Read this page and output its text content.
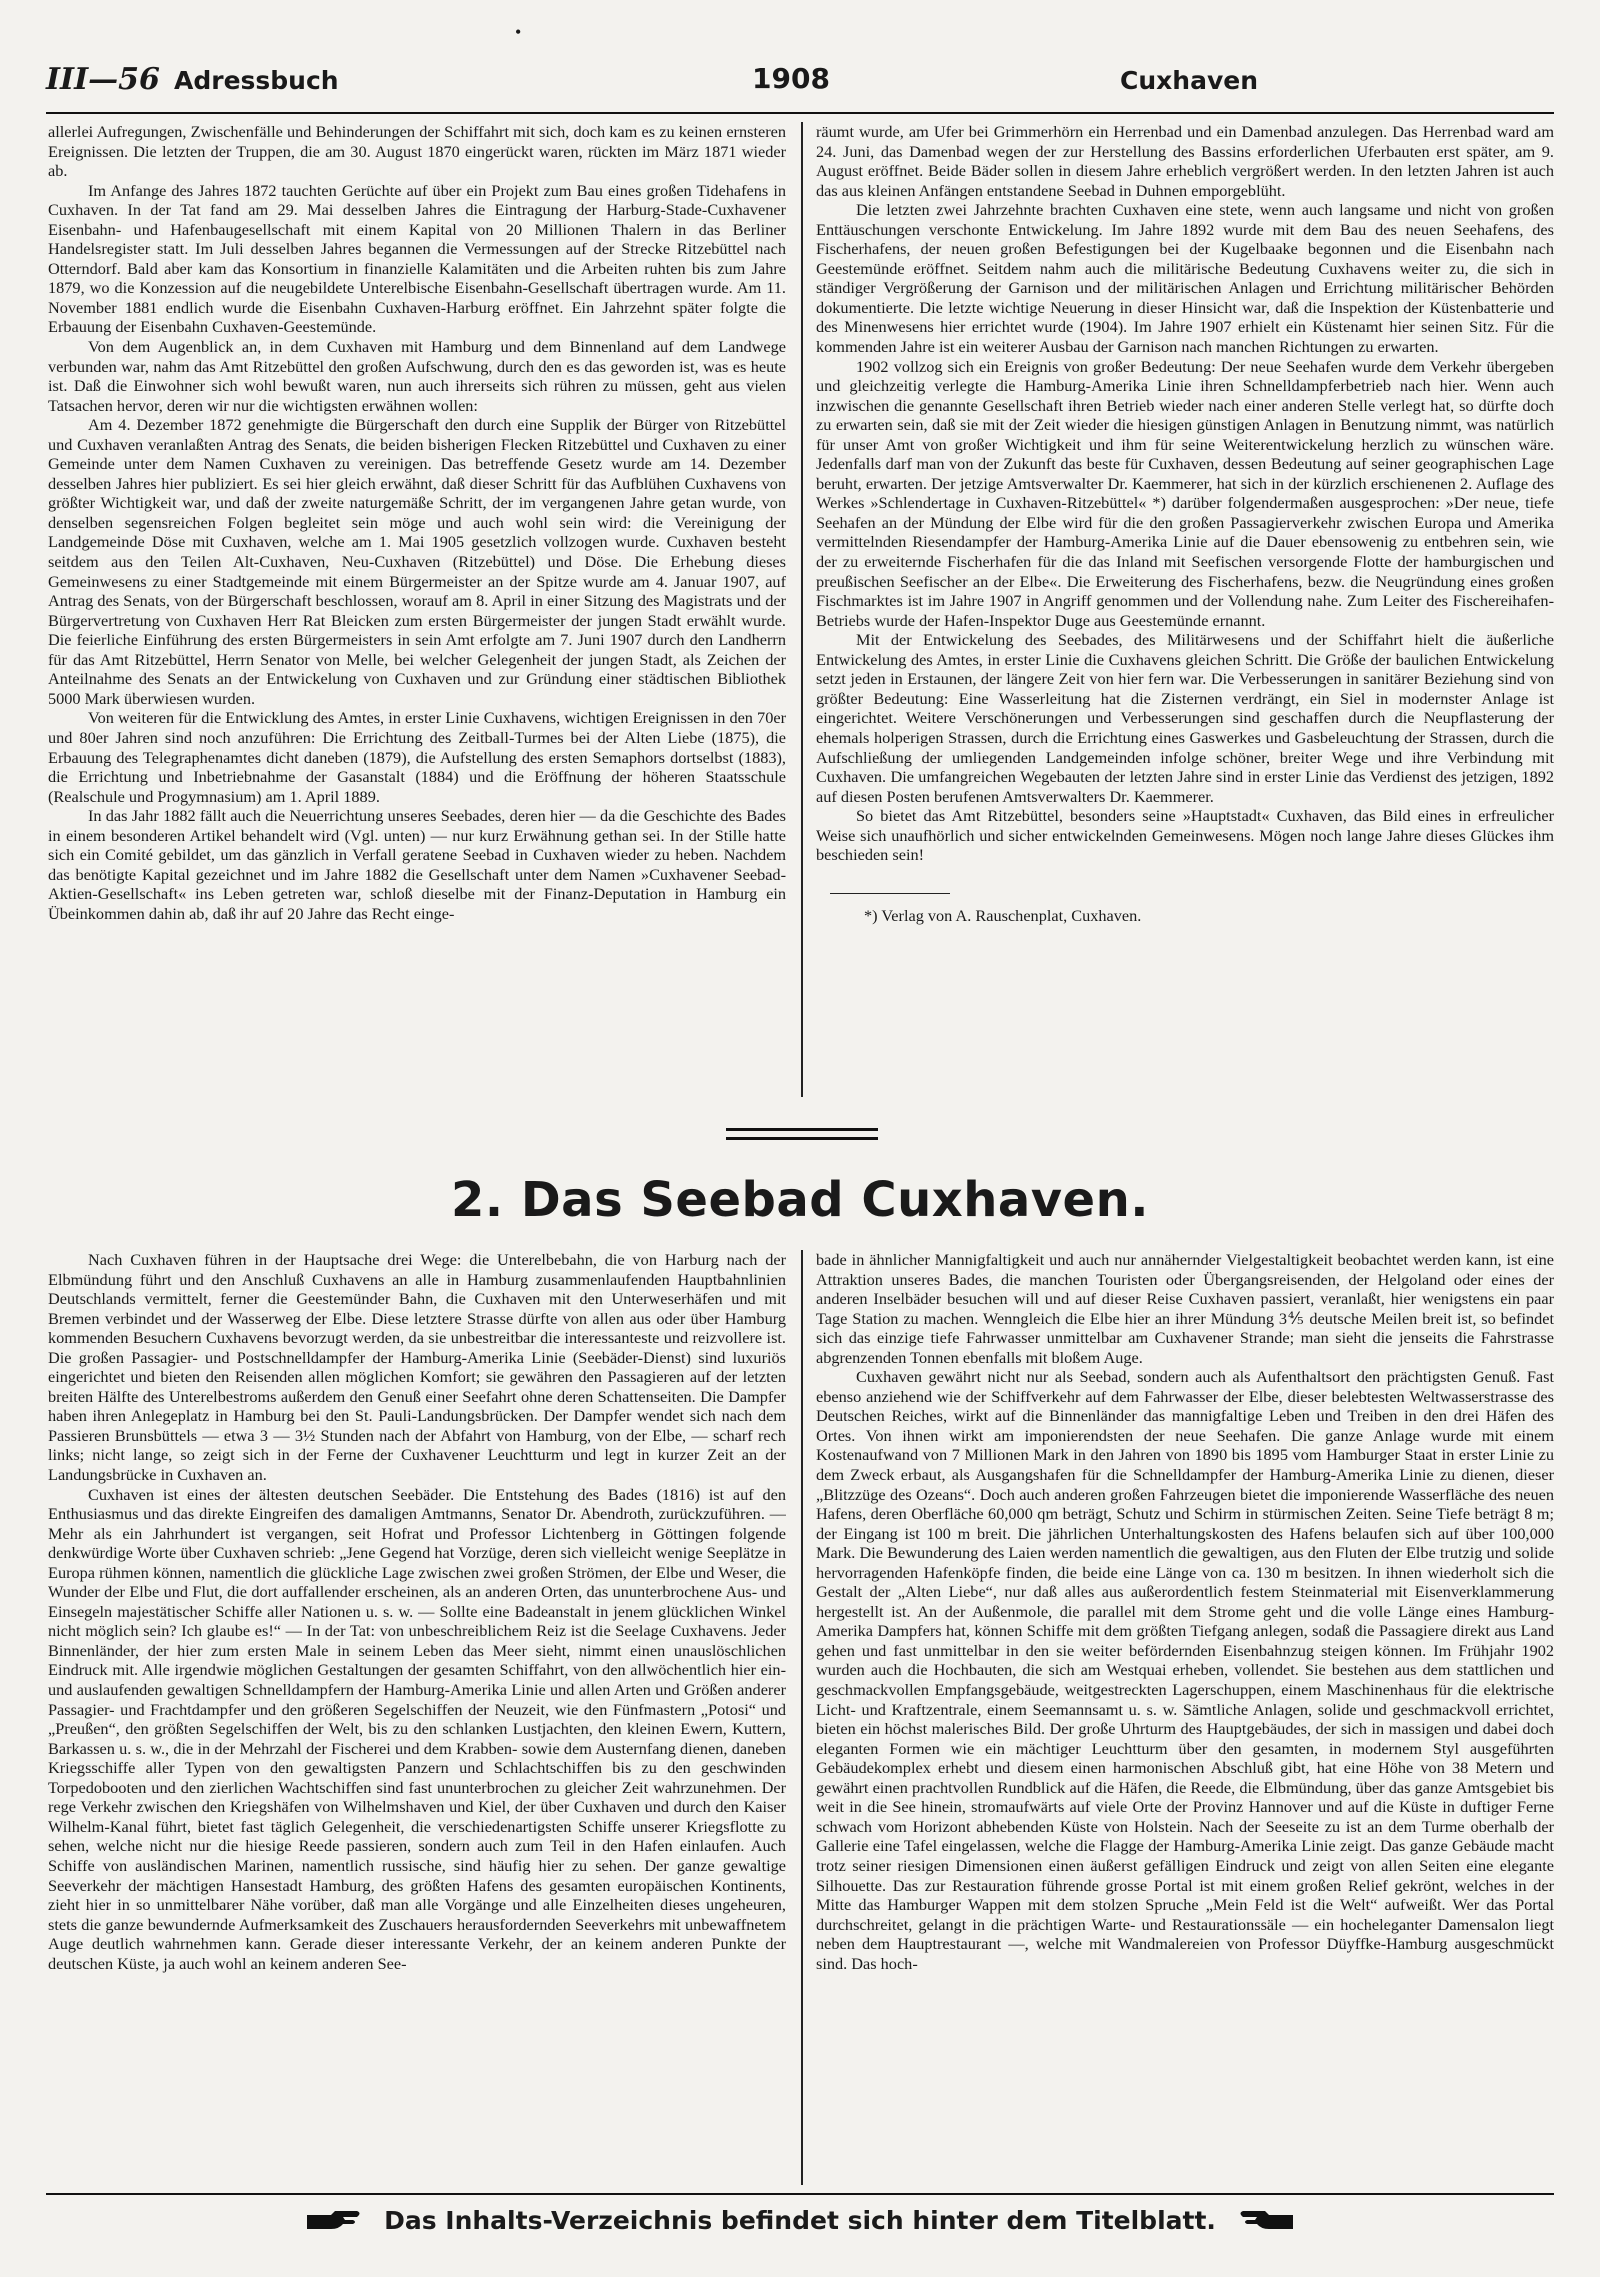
•
III—56 Adressbuch	1908	Cuxhaven

allerlei Aufregungen, Zwischenfälle und Behinderungen der Schiffahrt mit sich, doch kam es zu keinen ernsteren Ereignissen. Die letzten der Truppen, die am 30. August 1870 eingerückt waren, rückten im März 1871 wieder ab.

Im Anfange des Jahres 1872 tauchten Gerüchte auf über ein Projekt zum Bau eines großen Tidehafens in Cuxhaven. In der Tat fand am 29. Mai desselben Jahres die Eintragung der Harburg-Stade-Cuxhavener Eisenbahn- und Hafenbaugesellschaft mit einem Kapital von 20 Millionen Thalern in das Berliner Handelsregister statt. Im Juli desselben Jahres begannen die Vermessungen auf der Strecke Ritzebüttel nach Otterndorf. Bald aber kam das Konsortium in finanzielle Kalamitäten und die Arbeiten ruhten bis zum Jahre 1879, wo die Konzession auf die neugebildete Unterelbische Eisenbahn-Gesellschaft übertragen wurde. Am 11. November 1881 endlich wurde die Eisenbahn Cuxhaven-Harburg eröffnet. Ein Jahrzehnt später folgte die Erbauung der Eisenbahn Cuxhaven-Geestemünde.

Von dem Augenblick an, in dem Cuxhaven mit Hamburg und dem Binnenland auf dem Landwege verbunden war, nahm das Amt Ritzebüttel den großen Aufschwung, durch den es das geworden ist, was es heute ist. Daß die Einwohner sich wohl bewußt waren, nun auch ihrerseits sich rühren zu müssen, geht aus vielen Tatsachen hervor, deren wir nur die wichtigsten erwähnen wollen:

Am 4. Dezember 1872 genehmigte die Bürgerschaft den durch eine Supplik der Bürger von Ritzebüttel und Cuxhaven veranlaßten Antrag des Senats, die beiden bisherigen Flecken Ritzebüttel und Cuxhaven zu einer Gemeinde unter dem Namen Cuxhaven zu vereinigen. Das betreffende Gesetz wurde am 14. Dezember desselben Jahres hier publiziert. Es sei hier gleich erwähnt, daß dieser Schritt für das Aufblühen Cuxhavens von größter Wichtigkeit war, und daß der zweite naturgemäße Schritt, der im vergangenen Jahre getan wurde, von denselben segensreichen Folgen begleitet sein möge und auch wohl sein wird: die Vereinigung der Landgemeinde Döse mit Cuxhaven, welche am 1. Mai 1905 gesetzlich vollzogen wurde. Cuxhaven besteht seitdem aus den Teilen Alt-Cuxhaven, Neu-Cuxhaven (Ritzebüttel) und Döse. Die Erhebung dieses Gemeinwesens zu einer Stadtgemeinde mit einem Bürgermeister an der Spitze wurde am 4. Januar 1907, auf Antrag des Senats, von der Bürgerschaft beschlossen, worauf am 8. April in einer Sitzung des Magistrats und der Bürgervertretung von Cuxhaven Herr Rat Bleicken zum ersten Bürgermeister der jungen Stadt erwählt wurde. Die feierliche Einführung des ersten Bürgermeisters in sein Amt erfolgte am 7. Juni 1907 durch den Landherrn für das Amt Ritzebüttel, Herrn Senator von Melle, bei welcher Gelegenheit der jungen Stadt, als Zeichen der Anteilnahme des Senats an der Entwickelung von Cuxhaven und zur Gründung einer städtischen Bibliothek 5000 Mark überwiesen wurden.

Von weiteren für die Entwicklung des Amtes, in erster Linie Cuxhavens, wichtigen Ereignissen in den 70er und 80er Jahren sind noch anzuführen: Die Errichtung des Zeitball-Turmes bei der Alten Liebe (1875), die Erbauung des Telegraphenamtes dicht daneben (1879), die Aufstellung des ersten Semaphors dortselbst (1883), die Errichtung und Inbetriebnahme der Gasanstalt (1884) und die Eröffnung der höheren Staatsschule (Realschule und Progymnasium) am 1. April 1889.

In das Jahr 1882 fällt auch die Neuerrichtung unseres Seebades, deren hier — da die Geschichte des Bades in einem besonderen Artikel behandelt wird (Vgl. unten) — nur kurz Erwähnung gethan sei. In der Stille hatte sich ein Comité gebildet, um das gänzlich in Verfall geratene Seebad in Cuxhaven wieder zu heben. Nachdem das benötigte Kapital gezeichnet und im Jahre 1882 die Gesellschaft unter dem Namen »Cuxhavener Seebad-Aktien-Gesellschaft« ins Leben getreten war, schloß dieselbe mit der Finanz-Deputation in Hamburg ein Übeinkommen dahin ab, daß ihr auf 20 Jahre das Recht einge-

räumt wurde, am Ufer bei Grimmerhörn ein Herrenbad und ein Damenbad anzulegen. Das Herrenbad ward am 24. Juni, das Damenbad wegen der zur Herstellung des Bassins erforderlichen Uferbauten erst später, am 9. August eröffnet. Beide Bäder sollen in diesem Jahre erheblich vergrößert werden. In den letzten Jahren ist auch das aus kleinen Anfängen entstandene Seebad in Duhnen emporgeblüht.

Die letzten zwei Jahrzehnte brachten Cuxhaven eine stete, wenn auch langsame und nicht von großen Enttäuschungen verschonte Entwickelung. Im Jahre 1892 wurde mit dem Bau des neuen Seehafens, des Fischerhafens, der neuen großen Befestigungen bei der Kugelbaake begonnen und die Eisenbahn nach Geestemünde eröffnet. Seitdem nahm auch die militärische Bedeutung Cuxhavens weiter zu, die sich in ständiger Vergrößerung der Garnison und der militärischen Anlagen und Errichtung militärischer Behörden dokumentierte. Die letzte wichtige Neuerung in dieser Hinsicht war, daß die Inspektion der Küstenbatterie und des Minenwesens hier errichtet wurde (1904). Im Jahre 1907 erhielt ein Küstenamt hier seinen Sitz. Für die kommenden Jahre ist ein weiterer Ausbau der Garnison nach manchen Richtungen zu erwarten.

1902 vollzog sich ein Ereignis von großer Bedeutung: Der neue Seehafen wurde dem Verkehr übergeben und gleichzeitig verlegte die Hamburg-Amerika Linie ihren Schnelldampferbetrieb nach hier. Wenn auch inzwischen die genannte Gesellschaft ihren Betrieb wieder nach einer anderen Stelle verlegt hat, so dürfte doch zu erwarten sein, daß sie mit der Zeit wieder die hiesigen günstigen Anlagen in Benutzung nimmt, was natürlich für unser Amt von großer Wichtigkeit und ihm für seine Weiterentwickelung herzlich zu wünschen wäre. Jedenfalls darf man von der Zukunft das beste für Cuxhaven, dessen Bedeutung auf seiner geographischen Lage beruht, erwarten. Der jetzige Amtsverwalter Dr. Kaemmerer, hat sich in der kürzlich erschienenen 2. Auflage des Werkes »Schlendertage in Cuxhaven-Ritzebüttel« *) darüber folgendermaßen ausgesprochen: »Der neue, tiefe Seehafen an der Mündung der Elbe wird für die den großen Passagierverkehr zwischen Europa und Amerika vermittelnden Riesendampfer der Hamburg-Amerika Linie auf die Dauer ebensowenig zu entbehren sein, wie der zu erweiternde Fischerhafen für die das Inland mit Seefischen versorgende Flotte der hamburgischen und preußischen Seefischer an der Elbe«. Die Erweiterung des Fischerhafens, bezw. die Neugründung eines großen Fischmarktes ist im Jahre 1907 in Angriff genommen und der Vollendung nahe. Zum Leiter des Fischereihafen-Betriebs wurde der Hafen-Inspektor Duge aus Geestemünde ernannt.

Mit der Entwickelung des Seebades, des Militärwesens und der Schiffahrt hielt die äußerliche Entwickelung des Amtes, in erster Linie die Cuxhavens gleichen Schritt. Die Größe der baulichen Entwickelung setzt jeden in Erstaunen, der längere Zeit von hier fern war. Die Verbesserungen in sanitärer Beziehung sind von größter Bedeutung: Eine Wasserleitung hat die Zisternen verdrängt, ein Siel in modernster Anlage ist eingerichtet. Weitere Verschönerungen und Verbesserungen sind geschaffen durch die Neupflasterung der ehemals holperigen Strassen, durch die Errichtung eines Gaswerkes und Gasbeleuchtung der Strassen, durch die Aufschließung der umliegenden Landgemeinden infolge schöner, breiter Wege und ihre Verbindung mit Cuxhaven. Die umfangreichen Wegebauten der letzten Jahre sind in erster Linie das Verdienst des jetzigen, 1892 auf diesen Posten berufenen Amtsverwalters Dr. Kaemmerer.

So bietet das Amt Ritzebüttel, besonders seine »Hauptstadt« Cuxhaven, das Bild eines in erfreulicher Weise sich unaufhörlich und sicher entwickelnden Gemeinwesens. Mögen noch lange Jahre dieses Glückes ihm beschieden sein!

*) Verlag von A. Rauschenplat, Cuxhaven.

2. Das Seebad Cuxhaven.

Nach Cuxhaven führen in der Hauptsache drei Wege: die Unterelbebahn, die von Harburg nach der Elbmündung führt und den Anschluß Cuxhavens an alle in Hamburg zusammenlaufenden Hauptbahnlinien Deutschlands vermittelt, ferner die Geestemünder Bahn, die Cuxhaven mit den Unterweserhäfen und mit Bremen verbindet und der Wasserweg der Elbe. Diese letztere Strasse dürfte von allen aus oder über Hamburg kommenden Besuchern Cuxhavens bevorzugt werden, da sie unbestreitbar die interessanteste und reizvollere ist. Die großen Passagier- und Postschnelldampfer der Hamburg-Amerika Linie (Seebäder-Dienst) sind luxuriös eingerichtet und bieten den Reisenden allen möglichen Komfort; sie gewähren den Passagieren auf der letzten breiten Hälfte des Unterelbestroms außerdem den Genuß einer Seefahrt ohne deren Schattenseiten. Die Dampfer haben ihren Anlegeplatz in Hamburg bei den St. Pauli-Landungsbrücken. Der Dampfer wendet sich nach dem Passieren Brunsbüttels — etwa 3 — 3½ Stunden nach der Abfahrt von Hamburg, von der Elbe, — scharf rech links; nicht lange, so zeigt sich in der Ferne der Cuxhavener Leuchtturm und legt in kurzer Zeit an der Landungsbrücke in Cuxhaven an.

Cuxhaven ist eines der ältesten deutschen Seebäder. Die Entstehung des Bades (1816) ist auf den Enthusiasmus und das direkte Eingreifen des damaligen Amtmanns, Senator Dr. Abendroth, zurückzuführen. — Mehr als ein Jahrhundert ist vergangen, seit Hofrat und Professor Lichtenberg in Göttingen folgende denkwürdige Worte über Cuxhaven schrieb: „Jene Gegend hat Vorzüge, deren sich vielleicht wenige Seeplätze in Europa rühmen können, namentlich die glückliche Lage zwischen zwei großen Strömen, der Elbe und Weser, die Wunder der Elbe und Flut, die dort auffallender erscheinen, als an anderen Orten, das ununterbrochene Aus- und Einsegeln majestätischer Schiffe aller Nationen u. s. w. — Sollte eine Badeanstalt in jenem glücklichen Winkel nicht möglich sein? Ich glaube es!“ — In der Tat: von unbeschreiblichem Reiz ist die Seelage Cuxhavens. Jeder Binnenländer, der hier zum ersten Male in seinem Leben das Meer sieht, nimmt einen unauslöschlichen Eindruck mit. Alle irgendwie möglichen Gestaltungen der gesamten Schiffahrt, von den allwöchentlich hier ein- und auslaufenden gewaltigen Schnelldampfern der Hamburg-Amerika Linie und allen Arten und Größen anderer Passagier- und Frachtdampfer und den größeren Segelschiffen der Neuzeit, wie den Fünfmastern „Potosi“ und „Preußen“, den größten Segelschiffen der Welt, bis zu den schlanken Lustjachten, den kleinen Ewern, Kuttern, Barkassen u. s. w., die in der Mehrzahl der Fischerei und dem Krabben- sowie dem Austernfang dienen, daneben Kriegsschiffe aller Typen von den gewaltigsten Panzern und Schlachtschiffen bis zu den geschwinden Torpedobooten und den zierlichen Wachtschiffen sind fast ununterbrochen zu gleicher Zeit wahrzunehmen. Der rege Verkehr zwischen den Kriegshäfen von Wilhelmshaven und Kiel, der über Cuxhaven und durch den Kaiser Wilhelm-Kanal führt, bietet fast täglich Gelegenheit, die verschiedenartigsten Schiffe unserer Kriegsflotte zu sehen, welche nicht nur die hiesige Reede passieren, sondern auch zum Teil in den Hafen einlaufen. Auch Schiffe von ausländischen Marinen, namentlich russische, sind häufig hier zu sehen. Der ganze gewaltige Seeverkehr der mächtigen Hansestadt Hamburg, des größten Hafens des gesamten europäischen Kontinents, zieht hier in so unmittelbarer Nähe vorüber, daß man alle Vorgänge und alle Einzelheiten dieses ungeheuren, stets die ganze bewundernde Aufmerksamkeit des Zuschauers herausfordernden Seeverkehrs mit unbewaffnetem Auge deutlich wahrnehmen kann. Gerade dieser interessante Verkehr, der an keinem anderen Punkte der deutschen Küste, ja auch wohl an keinem anderen See-

bade in ähnlicher Mannigfaltigkeit und auch nur annähernder Vielgestaltigkeit beobachtet werden kann, ist eine Attraktion unseres Bades, die manchen Touristen oder Übergangsreisenden, der Helgoland oder eines der anderen Inselbäder besuchen will und auf dieser Reise Cuxhaven passiert, veranlaßt, hier wenigstens ein paar Tage Station zu machen. Wenngleich die Elbe hier an ihrer Mündung 3⅘ deutsche Meilen breit ist, so befindet sich das einzige tiefe Fahrwasser unmittelbar am Cuxhavener Strande; man sieht die jenseits die Fahrstrasse abgrenzenden Tonnen ebenfalls mit bloßem Auge.

Cuxhaven gewährt nicht nur als Seebad, sondern auch als Aufenthaltsort den prächtigsten Genuß. Fast ebenso anziehend wie der Schiffverkehr auf dem Fahrwasser der Elbe, dieser belebtesten Weltwasserstrasse des Deutschen Reiches, wirkt auf die Binnenländer das mannigfaltige Leben und Treiben in den drei Häfen des Ortes. Von ihnen wirkt am imponierendsten der neue Seehafen. Die ganze Anlage wurde mit einem Kostenaufwand von 7 Millionen Mark in den Jahren von 1890 bis 1895 vom Hamburger Staat in erster Linie zu dem Zweck erbaut, als Ausgangshafen für die Schnelldampfer der Hamburg-Amerika Linie zu dienen, dieser „Blitzzüge des Ozeans“. Doch auch anderen großen Fahrzeugen bietet die imponierende Wasserfläche des neuen Hafens, deren Oberfläche 60,000 qm beträgt, Schutz und Schirm in stürmischen Zeiten. Seine Tiefe beträgt 8 m; der Eingang ist 100 m breit. Die jährlichen Unterhaltungskosten des Hafens belaufen sich auf über 100,000 Mark. Die Bewunderung des Laien werden namentlich die gewaltigen, aus den Fluten der Elbe trutzig und solide hervorragenden Hafenköpfe finden, die beide eine Länge von ca. 130 m besitzen. In ihnen wiederholt sich die Gestalt der „Alten Liebe“, nur daß alles aus außerordentlich festem Steinmaterial mit Eisenverklammerung hergestellt ist. An der Außenmole, die parallel mit dem Strome geht und die volle Länge eines Hamburg-Amerika Dampfers hat, können Schiffe mit dem größten Tiefgang anlegen, sodaß die Passagiere direkt aus Land gehen und fast unmittelbar in den sie weiter befördernden Eisenbahnzug steigen können. Im Frühjahr 1902 wurden auch die Hochbauten, die sich am Westquai erheben, vollendet. Sie bestehen aus dem stattlichen und geschmackvollen Empfangsgebäude, weitgestreckten Lagerschuppen, einem Maschinenhaus für die elektrische Licht- und Kraftzentrale, einem Seemannsamt u. s. w. Sämtliche Anlagen, solide und geschmackvoll errichtet, bieten ein höchst malerisches Bild. Der große Uhrturm des Hauptgebäudes, der sich in massigen und dabei doch eleganten Formen wie ein mächtiger Leuchtturm über den gesamten, in modernem Styl ausgeführten Gebäudekomplex erhebt und diesem einen harmonischen Abschluß gibt, hat eine Höhe von 38 Metern und gewährt einen prachtvollen Rundblick auf die Häfen, die Reede, die Elbmündung, über das ganze Amtsgebiet bis weit in die See hinein, stromaufwärts auf viele Orte der Provinz Hannover und auf die Küste in duftiger Ferne schwach vom Horizont abhebenden Küste von Holstein. Nach der Seeseite zu ist an dem Turme oberhalb der Gallerie eine Tafel eingelassen, welche die Flagge der Hamburg-Amerika Linie zeigt. Das ganze Gebäude macht trotz seiner riesigen Dimensionen einen äußerst gefälligen Eindruck und zeigt von allen Seiten eine elegante Silhouette. Das zur Restauration führende grosse Portal ist mit einem großen Relief gekrönt, welches in der Mitte das Hamburger Wappen mit dem stolzen Spruche „Mein Feld ist die Welt“ aufweißt. Wer das Portal durchschreitet, gelangt in die prächtigen Warte- und Restaurationssäle — ein hocheleganter Damensalon liegt neben dem Hauptrestaurant —, welche mit Wandmalereien von Professor Düyffke-Hamburg ausgeschmückt sind. Das hoch-

Das Inhalts-Verzeichnis befindet sich hinter dem Titelblatt.
